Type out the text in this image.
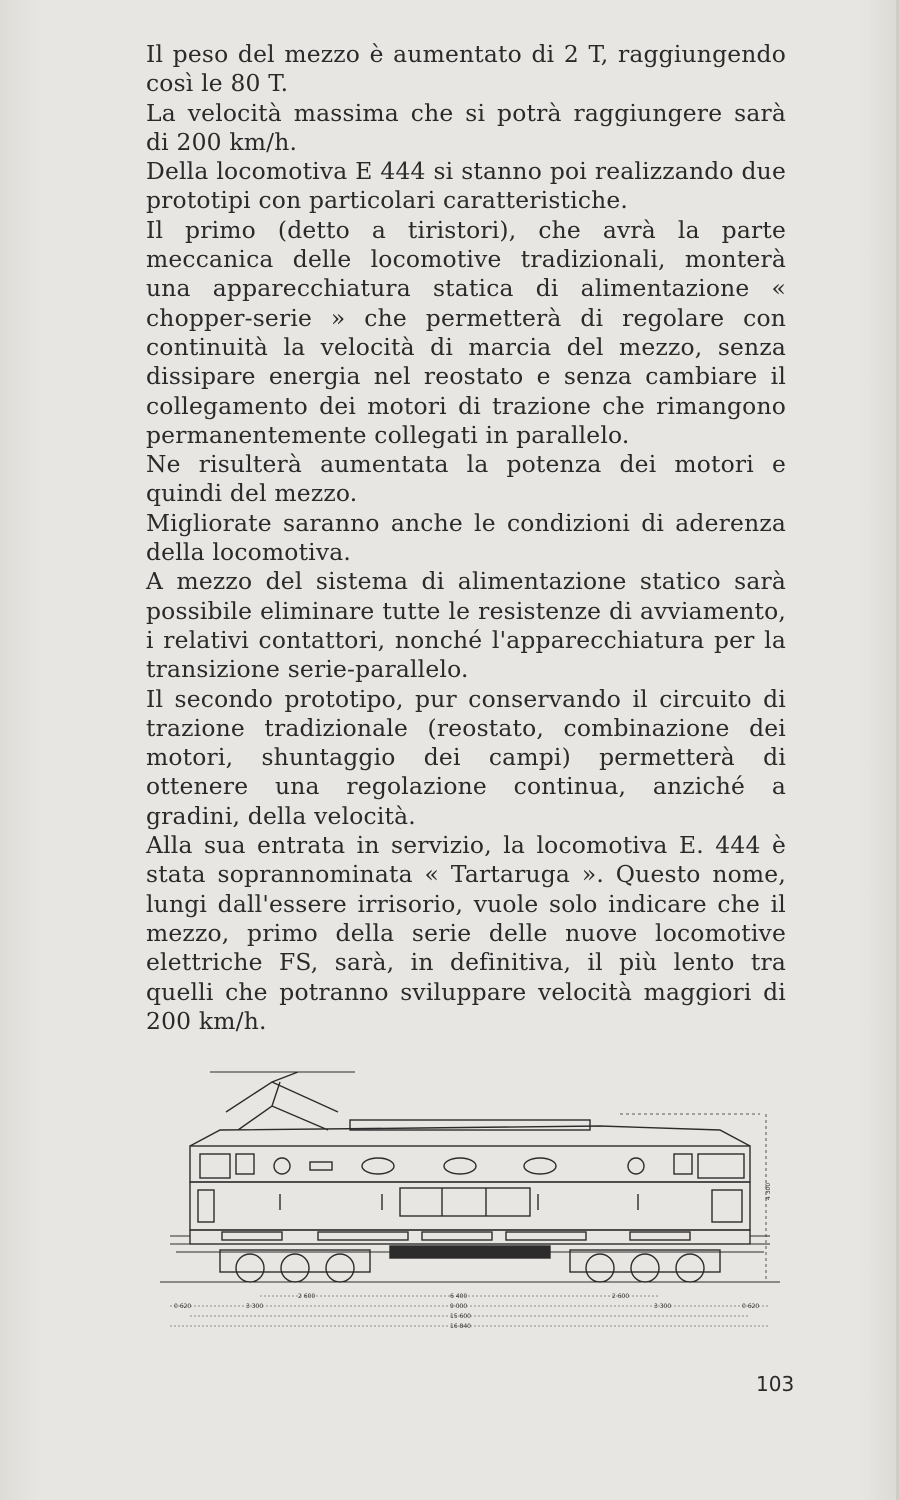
Il peso del mezzo è aumentato di 2 T, raggiungendo così le 80 T.

La velocità massima che si potrà raggiungere sarà di 200 km/h.

Della locomotiva E 444 si stanno poi realizzando due prototipi con particolari caratteristiche.

Il primo (detto a tiristori), che avrà la parte meccanica delle locomotive tradizionali, monterà una apparecchiatura statica di alimentazione « chopper-serie » che permetterà di regolare con continuità la velocità di marcia del mezzo, senza dissipare energia nel reostato e senza cambiare il collegamento dei motori di trazione che rimangono permanentemente collegati in parallelo.

Ne risulterà aumentata la potenza dei motori e quindi del mezzo.

Migliorate saranno anche le condizioni di aderenza della locomotiva.

A mezzo del sistema di alimentazione statico sarà possibile eliminare tutte le resistenze di avviamento, i relativi contattori, nonché l'apparecchiatura per la transizione serie-parallelo.

Il secondo prototipo, pur conservando il circuito di trazione tradizionale (reostato, combinazione dei motori, shuntaggio dei campi) permetterà di ottenere una regolazione continua, anziché a gradini, della velocità.

Alla sua entrata in servizio, la locomotiva E. 444 è stata soprannominata « Tartaruga ». Questo nome, lungi dall'essere irrisorio, vuole solo indicare che il mezzo, primo della serie delle nuove locomotive elettriche FS, sarà, in definitiva, il più lento tra quelli che potranno sviluppare velocità maggiori di 200 km/h.

4 300
2 600	6 400	2 600
0 620	3 300	9 000	3 300	0 620
15 600
16 840
103
